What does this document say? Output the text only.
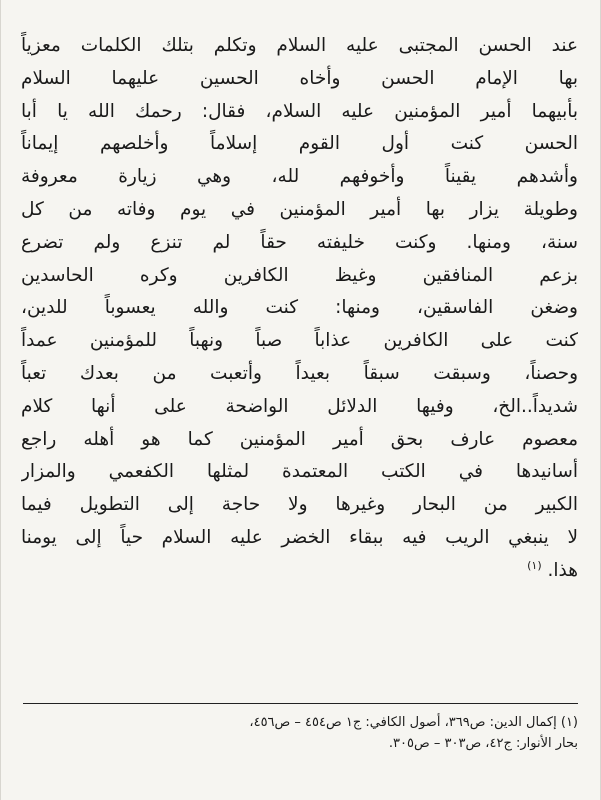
عند الحسن المجتبى عليه السلام وتكلم بتلك الكلمات معزياً
بها الإمام الحسن وأخاه الحسين عليهما السلام
بأبيهما أمير المؤمنين عليه السلام، فقال: رحمك الله يا أبا
الحسن كنت أول القوم إسلاماً وأخلصهم إيماناً
وأشدهم يقيناً وأخوفهم لله، وهي زيارة معروفة
وطويلة يزار بها أمير المؤمنين في يوم وفاته من كل
سنة، ومنها. وكنت خليفته حقاً لم تنزع ولم تضرع
بزعم المنافقين وغيظ الكافرين وكره الحاسدين
وضغن الفاسقين، ومنها: كنت والله يعسوباً للدين،
كنت على الكافرين عذاباً صباً ونهباً للمؤمنين عمداً
وحصناً، وسبقت سبقاً بعيداً وأتعبت من بعدك تعباً
شديداً..الخ، وفيها الدلائل الواضحة على أنها كلام
معصوم عارف بحق أمير المؤمنين كما هو أهله راجع
أسانيدها في الكتب المعتمدة لمثلها الكفعمي والمزار
الكبير من البحار وغيرها ولا حاجة إلى التطويل فيما
لا ينبغي الريب فيه ببقاء الخضر عليه السلام حياً إلى يومنا
هذا. $^{(١)}$
(١) إكمال الدين: ص٣٦٩، أصول الكافي: ج١ ص٤٥٤ – ص٤٥٦،
بحار الأنوار: ج٤٢، ص٣٠٣ – ص٣٠٥.
